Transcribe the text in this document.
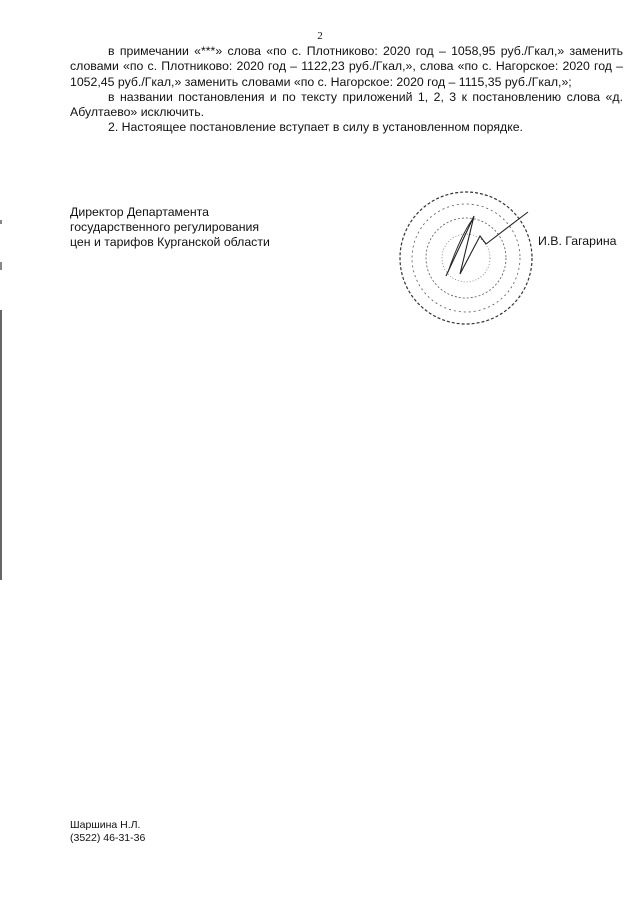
2

в примечании «***» слова «по с. Плотниково: 2020 год – 1058,95 руб./Гкал,» заменить словами «по с. Плотниково: 2020 год – 1122,23 руб./Гкал,», слова «по с. Нагорское: 2020 год – 1052,45 руб./Гкал,» заменить словами «по с. Нагорское: 2020 год – 1115,35 руб./Гкал,»;

в названии постановления и по тексту приложений 1, 2, 3 к постановлению слова «д. Абултаево» исключить.

2. Настоящее постановление вступает в силу в установленном порядке.

Директор Департамента
государственного регулирования
цен и тарифов Курганской области	И.В. Гагарина
Шаршина Н.Л.
(3522) 46-31-36
